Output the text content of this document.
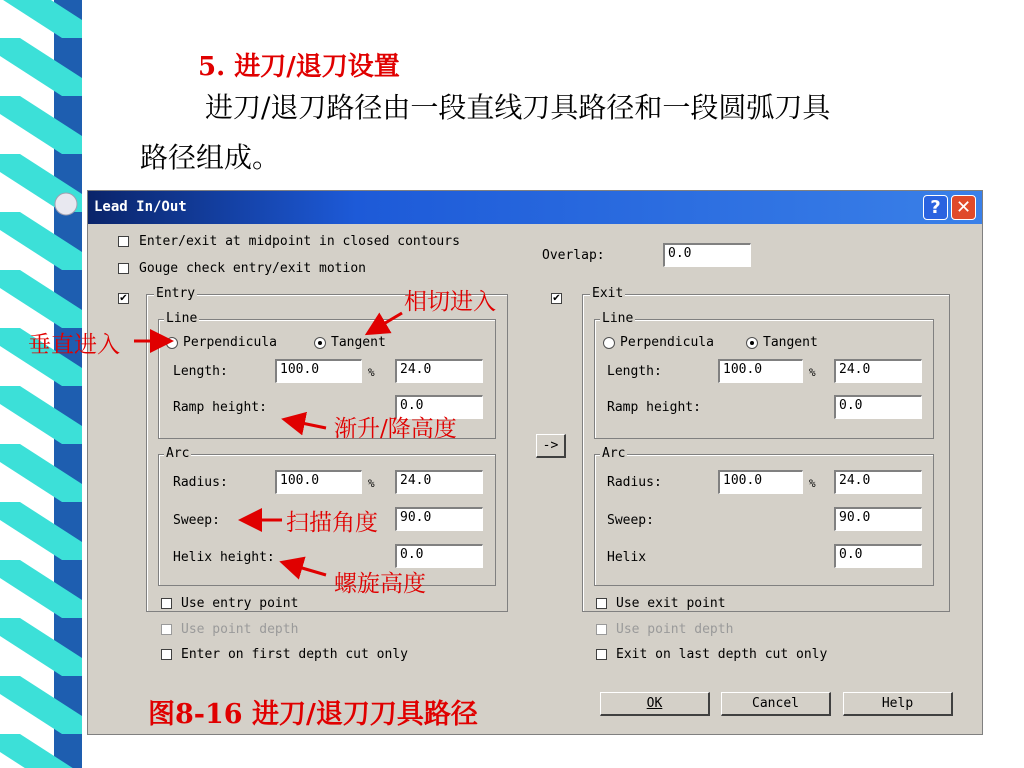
5. 进刀/退刀设置
进刀/退刀路径由一段直线刀具路径和一段圆弧刀具
路径组成。
Lead In/Out	? ✕
Enter/exit at midpoint in closed contours
Gouge check entry/exit motion
Overlap:	0.0
✔ Entry
Line
Perpendicula	Tangent
Length:	100.0	%	24.0
Ramp height:	0.0
Arc
Radius:	100.0	%	24.0
Sweep:	90.0
Helix height:	0.0
Use entry point
Use point depth
Enter on first depth cut only
->
✔ Exit
Line
Perpendicula	Tangent
Length:	100.0	%	24.0
Ramp height:	0.0
Arc
Radius:	100.0	%	24.0
Sweep:	90.0
Helix	0.0
Use exit point
Use point depth
Exit on last depth cut only
OK	Cancel	Help
相切进入
垂直进入
渐升/降高度
扫描角度
螺旋高度
图8-16 进刀/退刀刀具路径
